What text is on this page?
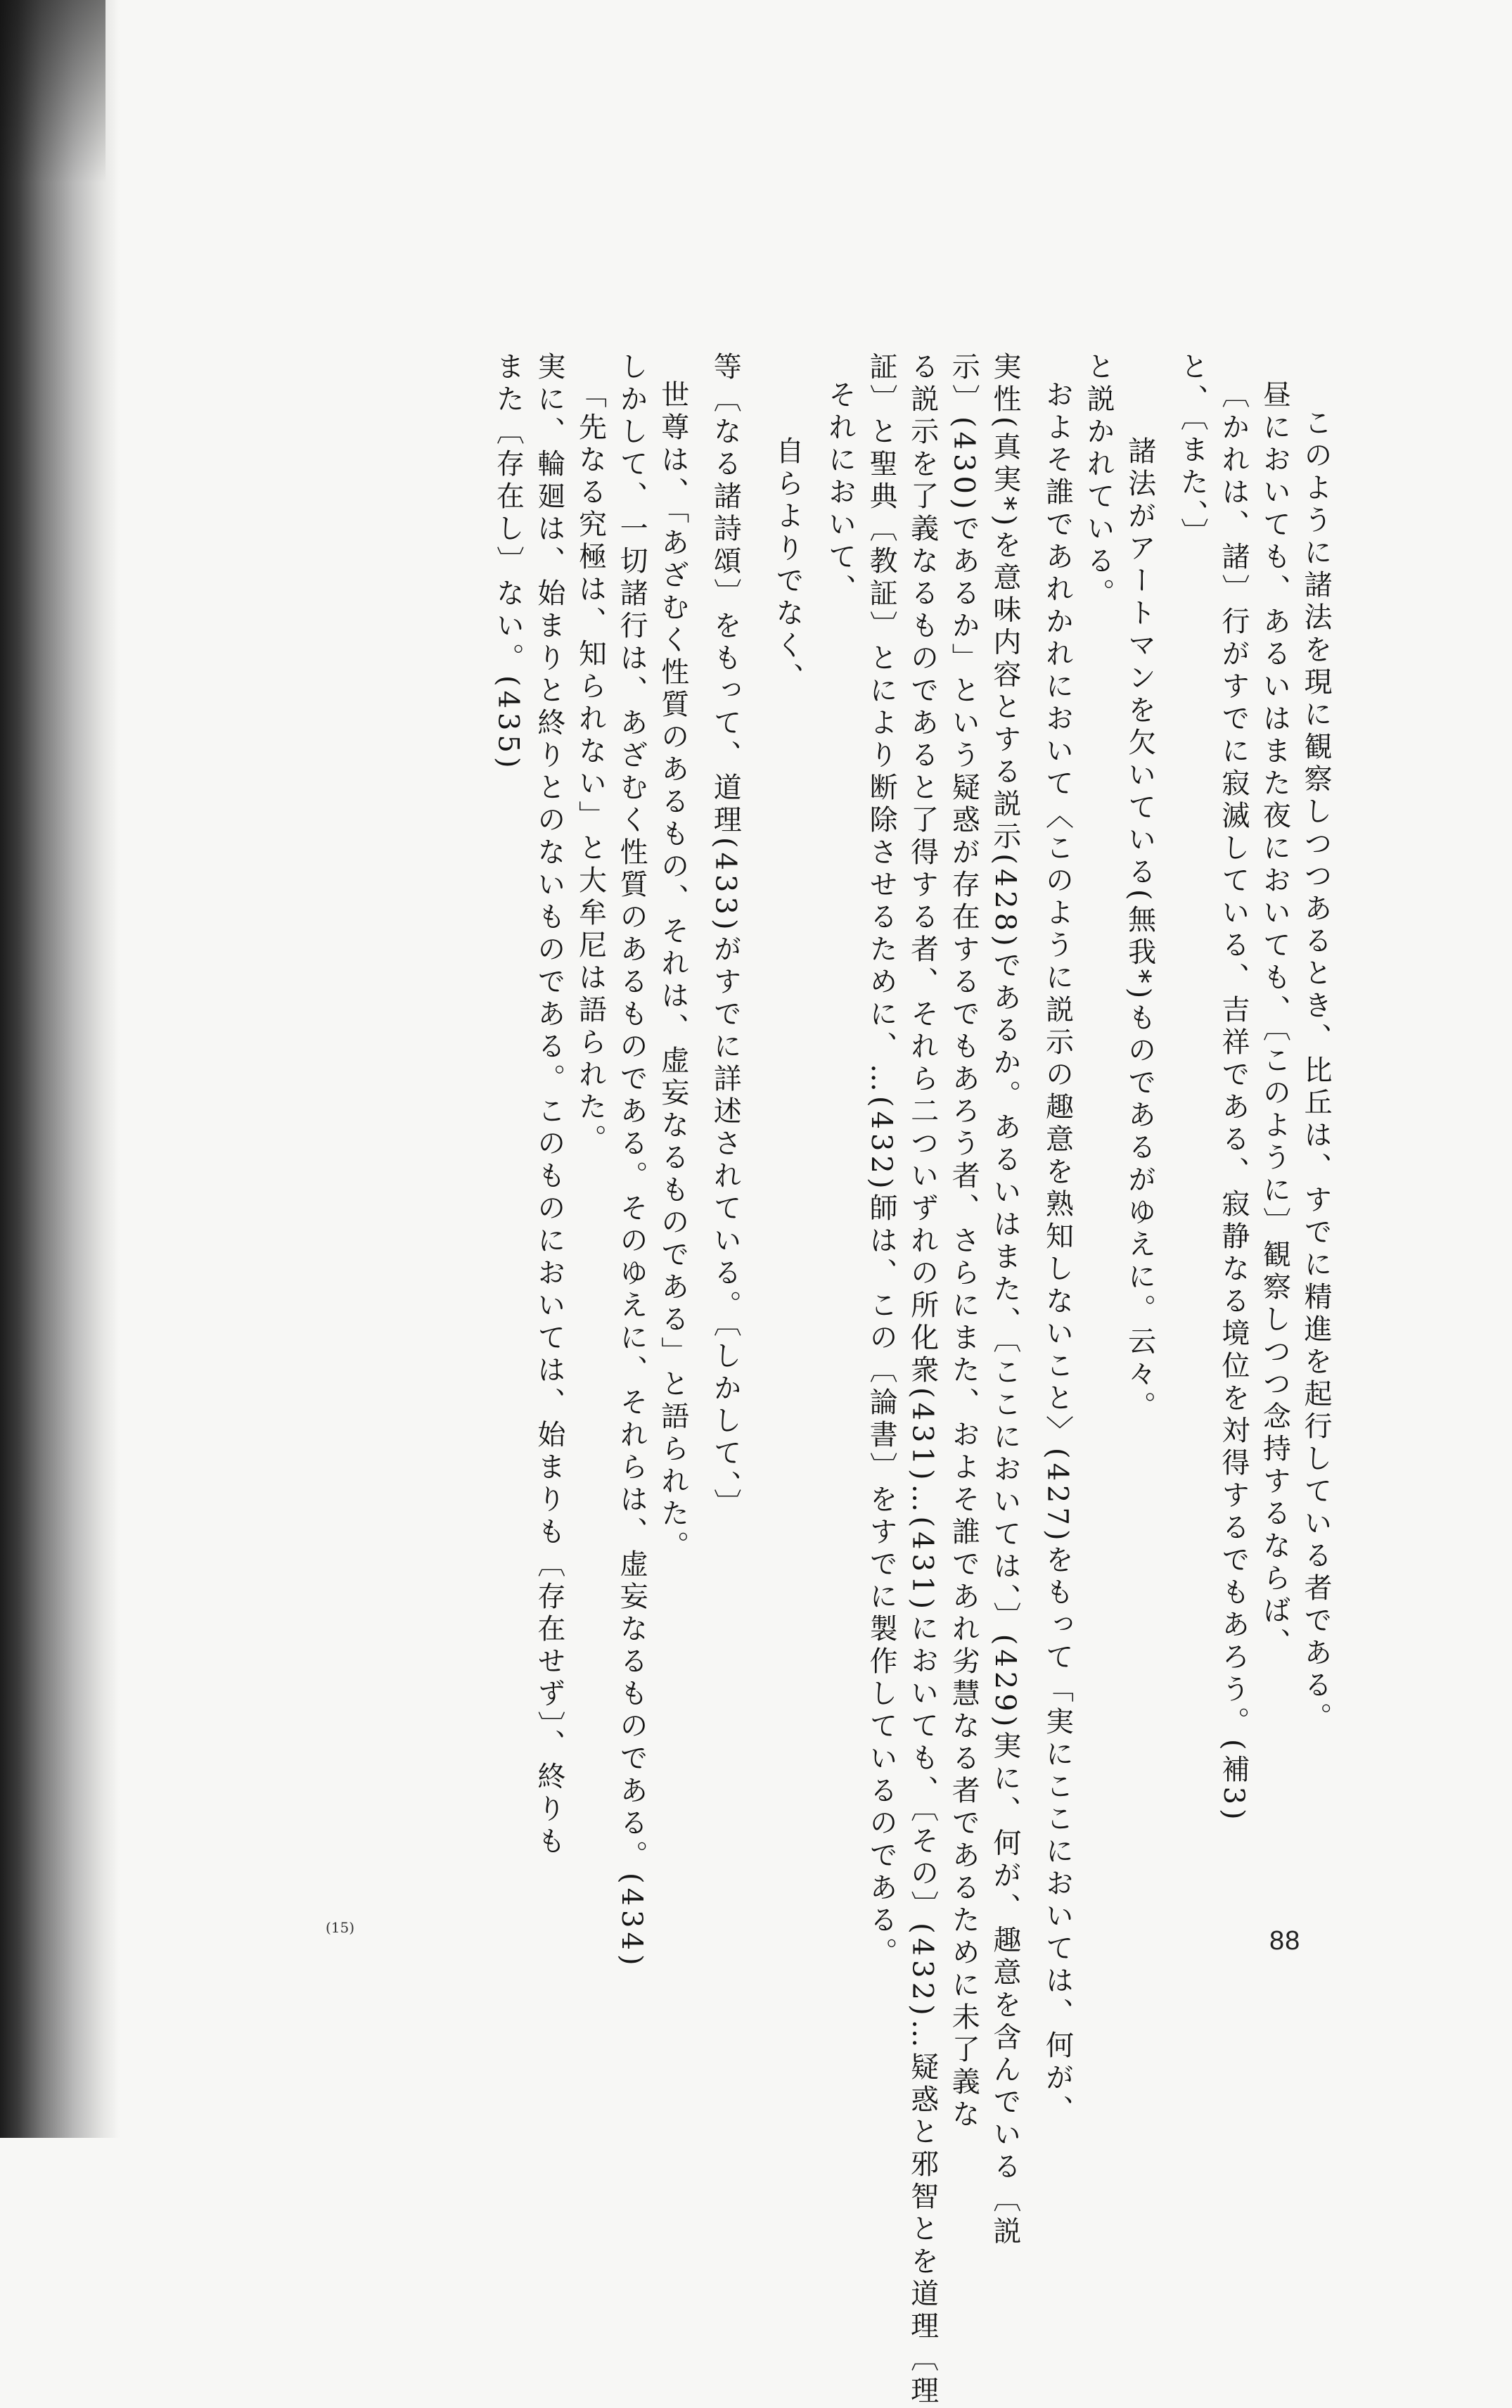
このように諸法を現に観察しつつあるとき、比丘は、すでに精進を起行している者である。
昼においても、あるいはまた夜においても、〔このように〕観察しつつ念持するならば、
〔かれは、諸〕行がすでに寂滅している、吉祥である、寂静なる境位を対得するでもあろう。(補3)
と、〔また、〕
諸法がアートマンを欠いている(無我*)ものであるがゆえに。云々。
と説かれている。
およそ誰であれかれにおいて〈このように説示の趣意を熟知しないこと〉(427)をもって「実にここにおいては、何が、
実性(真実*)を意味内容とする説示(428)であるか。あるいはまた、〔ここにおいては、〕(429)実に、何が、趣意を含んでいる〔説
示〕(430)であるか」という疑惑が存在するでもあろう者、さらにまた、およそ誰であれ劣慧なる者であるために未了義な
る説示を了義なるものであると了得する者、それら二ついずれの所化衆(431)…(431)においても、〔その〕(432)…疑惑と邪智とを道理〔理
証〕と聖典〔教証〕とにより断除させるために、…(432)師は、この〔論書〕をすでに製作しているのである。
それにおいて、
自らよりでなく、
等〔なる諸詩頌〕をもって、道理(433)がすでに詳述されている。〔しかして、〕
世尊は、「あざむく性質のあるもの、それは、虚妄なるものである」と語られた。
しかして、一切諸行は、あざむく性質のあるものである。そのゆえに、それらは、虚妄なるものである。(434)
「先なる究極は、知られない」と大牟尼は語られた。
実に、輪廻は、始まりと終りとのないものである。このものにおいては、始まりも〔存在せず〕、終りも
また〔存在し〕ない。(435)
(15)	88
